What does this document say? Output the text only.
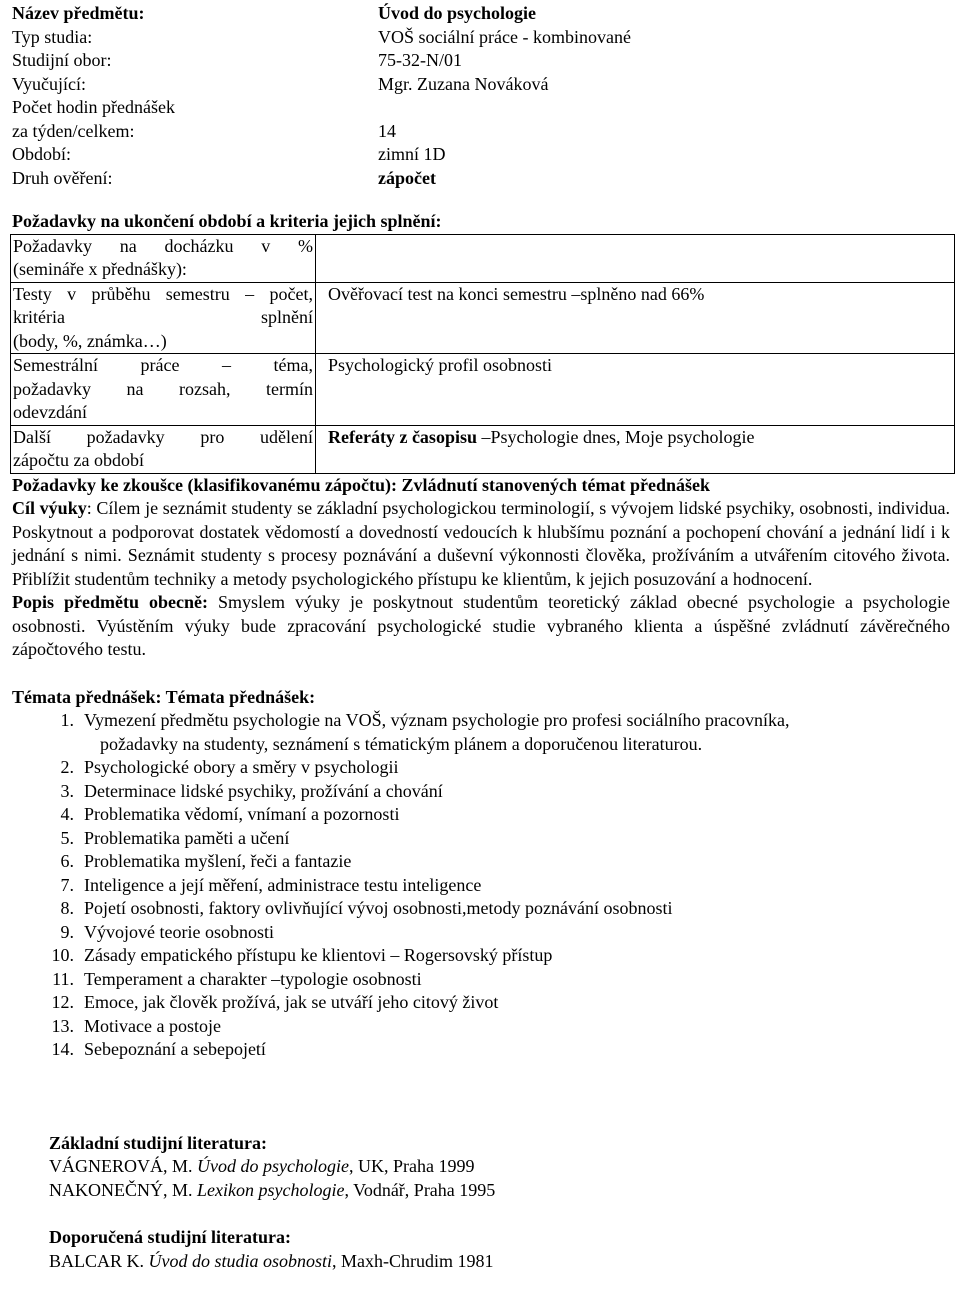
Název předmětu:	Úvod do psychologie
Typ studia:	VOŠ sociální práce - kombinované
Studijní obor:	75-32-N/01
Vyučující:	Mgr. Zuzana Nováková
Počet hodin přednášek
za týden/celkem:	14
Období:	zimní 1D
Druh ověření:	zápočet
Požadavky na ukončení období a kriteria jejich splnění:
Požadavky na docházku v %
(semináře x přednášky):	

Testy v průběhu semestru – počet,
kritéria splnění
(body, %, známka…)	Ověřovací test na konci semestru –splněno nad 66%

Semestrální práce – téma,
požadavky na rozsah, termín
odevzdání	Psychologický profil osobnosti

Další požadavky pro udělení
zápočtu za období	Referáty z časopisu –Psychologie dnes, Moje psychologie
Požadavky ke zkoušce (klasifikovanému zápočtu): Zvládnutí stanovených témat přednášek

Cíl výuky: Cílem je seznámit studenty se základní psychologickou terminologií, s vývojem lidské psychiky, osobnosti, individua. Poskytnout a podporovat dostatek vědomostí a dovedností vedoucích k hlubšímu poznání a pochopení chování a jednání lidí i k jednání s nimi. Seznámit studenty s procesy poznávání a duševní výkonnosti člověka, prožíváním a utvářením citového života. Přiblížit studentům techniky a metody psychologického přístupu ke klientům, k jejich posuzování a hodnocení.

Popis předmětu obecně: Smyslem výuky je poskytnout studentům teoretický základ obecné psychologie a psychologie osobnosti. Vyústěním výuky bude zpracování psychologické studie vybraného klienta a úspěšné zvládnutí závěrečného zápočtového testu.

Témata přednášek: Témata přednášek:
1. Vymezení předmětu psychologie na VOŠ, význam psychologie pro profesi sociálního pracovníka,
požadavky na studenty, seznámení s tématickým plánem a doporučenou literaturou.
2. Psychologické obory a směry v psychologii
3. Determinace lidské psychiky, prožívání a chování
4. Problematika vědomí, vnímaní a pozornosti
5. Problematika paměti a učení
6. Problematika myšlení, řeči a fantazie
7. Inteligence a její měření, administrace testu inteligence
8. Pojetí osobnosti, faktory ovlivňující vývoj osobnosti,metody poznávání osobnosti
9. Vývojové teorie osobnosti
10. Zásady empatického přístupu ke klientovi – Rogersovský přístup
11. Temperament a charakter –typologie osobnosti
12. Emoce, jak člověk prožívá, jak se utváří jeho citový život
13. Motivace a postoje
14. Sebepoznání a sebepojetí
Základní studijní literatura:
VÁGNEROVÁ, M. Úvod do psychologie, UK, Praha 1999
NAKONEČNÝ, M. Lexikon psychologie, Vodnář, Praha 1995
Doporučená studijní literatura:
BALCAR K. Úvod do studia osobnosti, Maxh-Chrudim 1981
